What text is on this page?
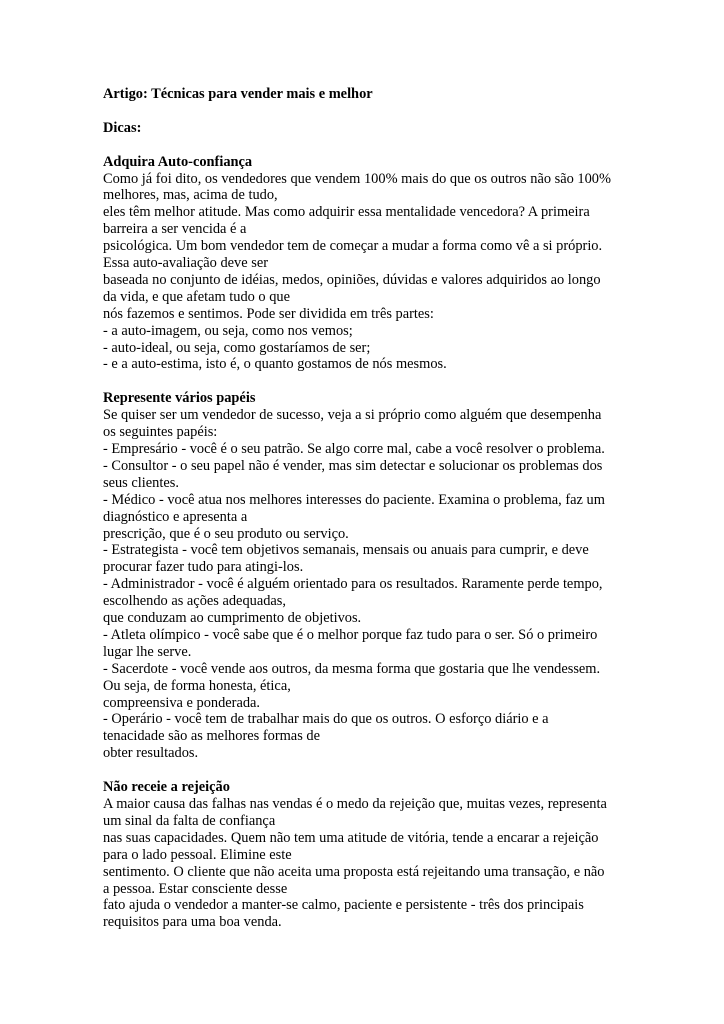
Artigo: Técnicas para vender mais e melhor
Dicas:
Adquira Auto-confiança
Como já foi dito, os vendedores que vendem 100% mais do que os outros não são 100%
melhores, mas, acima de tudo,
eles têm melhor atitude. Mas como adquirir essa mentalidade vencedora? A primeira
barreira a ser vencida é a
psicológica. Um bom vendedor tem de começar a mudar a forma como vê a si próprio.
Essa auto-avaliação deve ser
baseada no conjunto de idéias, medos, opiniões, dúvidas e valores adquiridos ao longo
da vida, e que afetam tudo o que
nós fazemos e sentimos. Pode ser dividida em três partes:
- a auto-imagem, ou seja, como nos vemos;
- auto-ideal, ou seja, como gostaríamos de ser;
- e a auto-estima, isto é, o quanto gostamos de nós mesmos.
Represente vários papéis
Se quiser ser um vendedor de sucesso, veja a si próprio como alguém que desempenha
os seguintes papéis:
- Empresário - você é o seu patrão. Se algo corre mal, cabe a você resolver o problema.
- Consultor - o seu papel não é vender, mas sim detectar e solucionar os problemas dos
seus clientes.
- Médico - você atua nos melhores interesses do paciente. Examina o problema, faz um
diagnóstico e apresenta a
prescrição, que é o seu produto ou serviço.
- Estrategista - você tem objetivos semanais, mensais ou anuais para cumprir, e deve
procurar fazer tudo para atingi-los.
- Administrador - você é alguém orientado para os resultados. Raramente perde tempo,
escolhendo as ações adequadas,
que conduzam ao cumprimento de objetivos.
- Atleta olímpico - você sabe que é o melhor porque faz tudo para o ser. Só o primeiro
lugar lhe serve.
- Sacerdote - você vende aos outros, da mesma forma que gostaria que lhe vendessem.
Ou seja, de forma honesta, ética,
compreensiva e ponderada.
- Operário - você tem de trabalhar mais do que os outros. O esforço diário e a
tenacidade são as melhores formas de
obter resultados.
Não receie a rejeição
A maior causa das falhas nas vendas é o medo da rejeição que, muitas vezes, representa
um sinal da falta de confiança
nas suas capacidades. Quem não tem uma atitude de vitória, tende a encarar a rejeição
para o lado pessoal. Elimine este
sentimento. O cliente que não aceita uma proposta está rejeitando uma transação, e não
a pessoa. Estar consciente desse
fato ajuda o vendedor a manter-se calmo, paciente e persistente - três dos principais
requisitos para uma boa venda.
